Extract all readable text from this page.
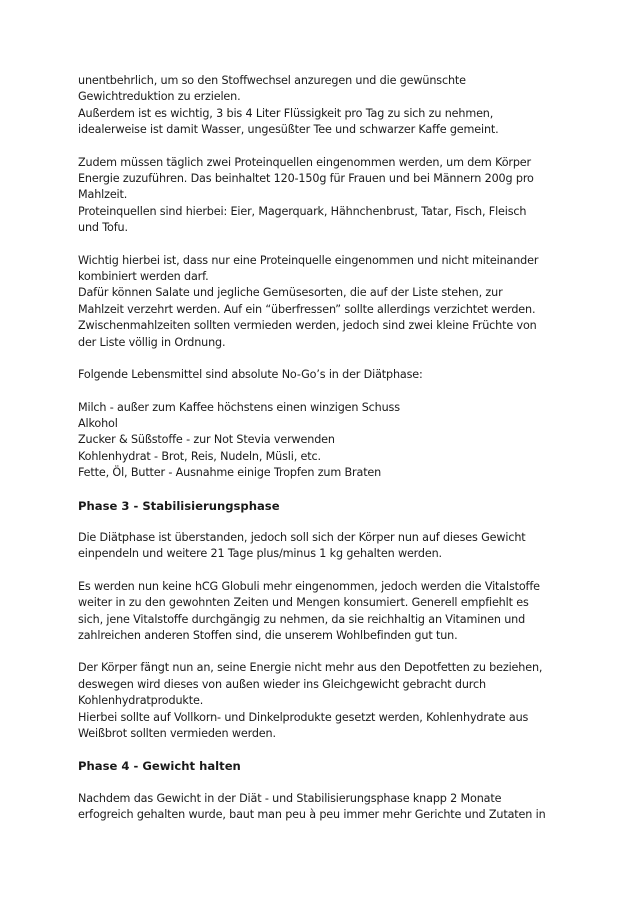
unentbehrlich, um so den Stoffwechsel anzuregen und die gewünschte
Gewichtreduktion zu erzielen.
Außerdem ist es wichtig, 3 bis 4 Liter Flüssigkeit pro Tag zu sich zu nehmen,
idealerweise ist damit Wasser, ungesüßter Tee und schwarzer Kaffe gemeint.
Zudem müssen täglich zwei Proteinquellen eingenommen werden, um dem Körper
Energie zuzuführen. Das beinhaltet 120-150g für Frauen und bei Männern 200g pro
Mahlzeit.
Proteinquellen sind hierbei: Eier, Magerquark, Hähnchenbrust, Tatar, Fisch, Fleisch
und Tofu.
Wichtig hierbei ist, dass nur eine Proteinquelle eingenommen und nicht miteinander
kombiniert werden darf.
Dafür können Salate und jegliche Gemüsesorten, die auf der Liste stehen, zur
Mahlzeit verzehrt werden. Auf ein “überfressen” sollte allerdings verzichtet werden.
Zwischenmahlzeiten sollten vermieden werden, jedoch sind zwei kleine Früchte von
der Liste völlig in Ordnung.
Folgende Lebensmittel sind absolute No-Go’s in der Diätphase:
Milch - außer zum Kaffee höchstens einen winzigen Schuss
Alkohol
Zucker & Süßstoffe - zur Not Stevia verwenden
Kohlenhydrat - Brot, Reis, Nudeln, Müsli, etc.
Fette, Öl, Butter - Ausnahme einige Tropfen zum Braten
Phase 3 - Stabilisierungsphase
Die Diätphase ist überstanden, jedoch soll sich der Körper nun auf dieses Gewicht
einpendeln und weitere 21 Tage plus/minus 1 kg gehalten werden.
Es werden nun keine hCG Globuli mehr eingenommen, jedoch werden die Vitalstoffe
weiter in zu den gewohnten Zeiten und Mengen konsumiert. Generell empfiehlt es
sich, jene Vitalstoffe durchgängig zu nehmen, da sie reichhaltig an Vitaminen und
zahlreichen anderen Stoffen sind, die unserem Wohlbefinden gut tun.
Der Körper fängt nun an, seine Energie nicht mehr aus den Depotfetten zu beziehen,
deswegen wird dieses von außen wieder ins Gleichgewicht gebracht durch
Kohlenhydratprodukte.
Hierbei sollte auf Vollkorn- und Dinkelprodukte gesetzt werden, Kohlenhydrate aus
Weißbrot sollten vermieden werden.
Phase 4 - Gewicht halten
Nachdem das Gewicht in der Diät - und Stabilisierungsphase knapp 2 Monate
erfogreich gehalten wurde, baut man peu à peu immer mehr Gerichte und Zutaten in
